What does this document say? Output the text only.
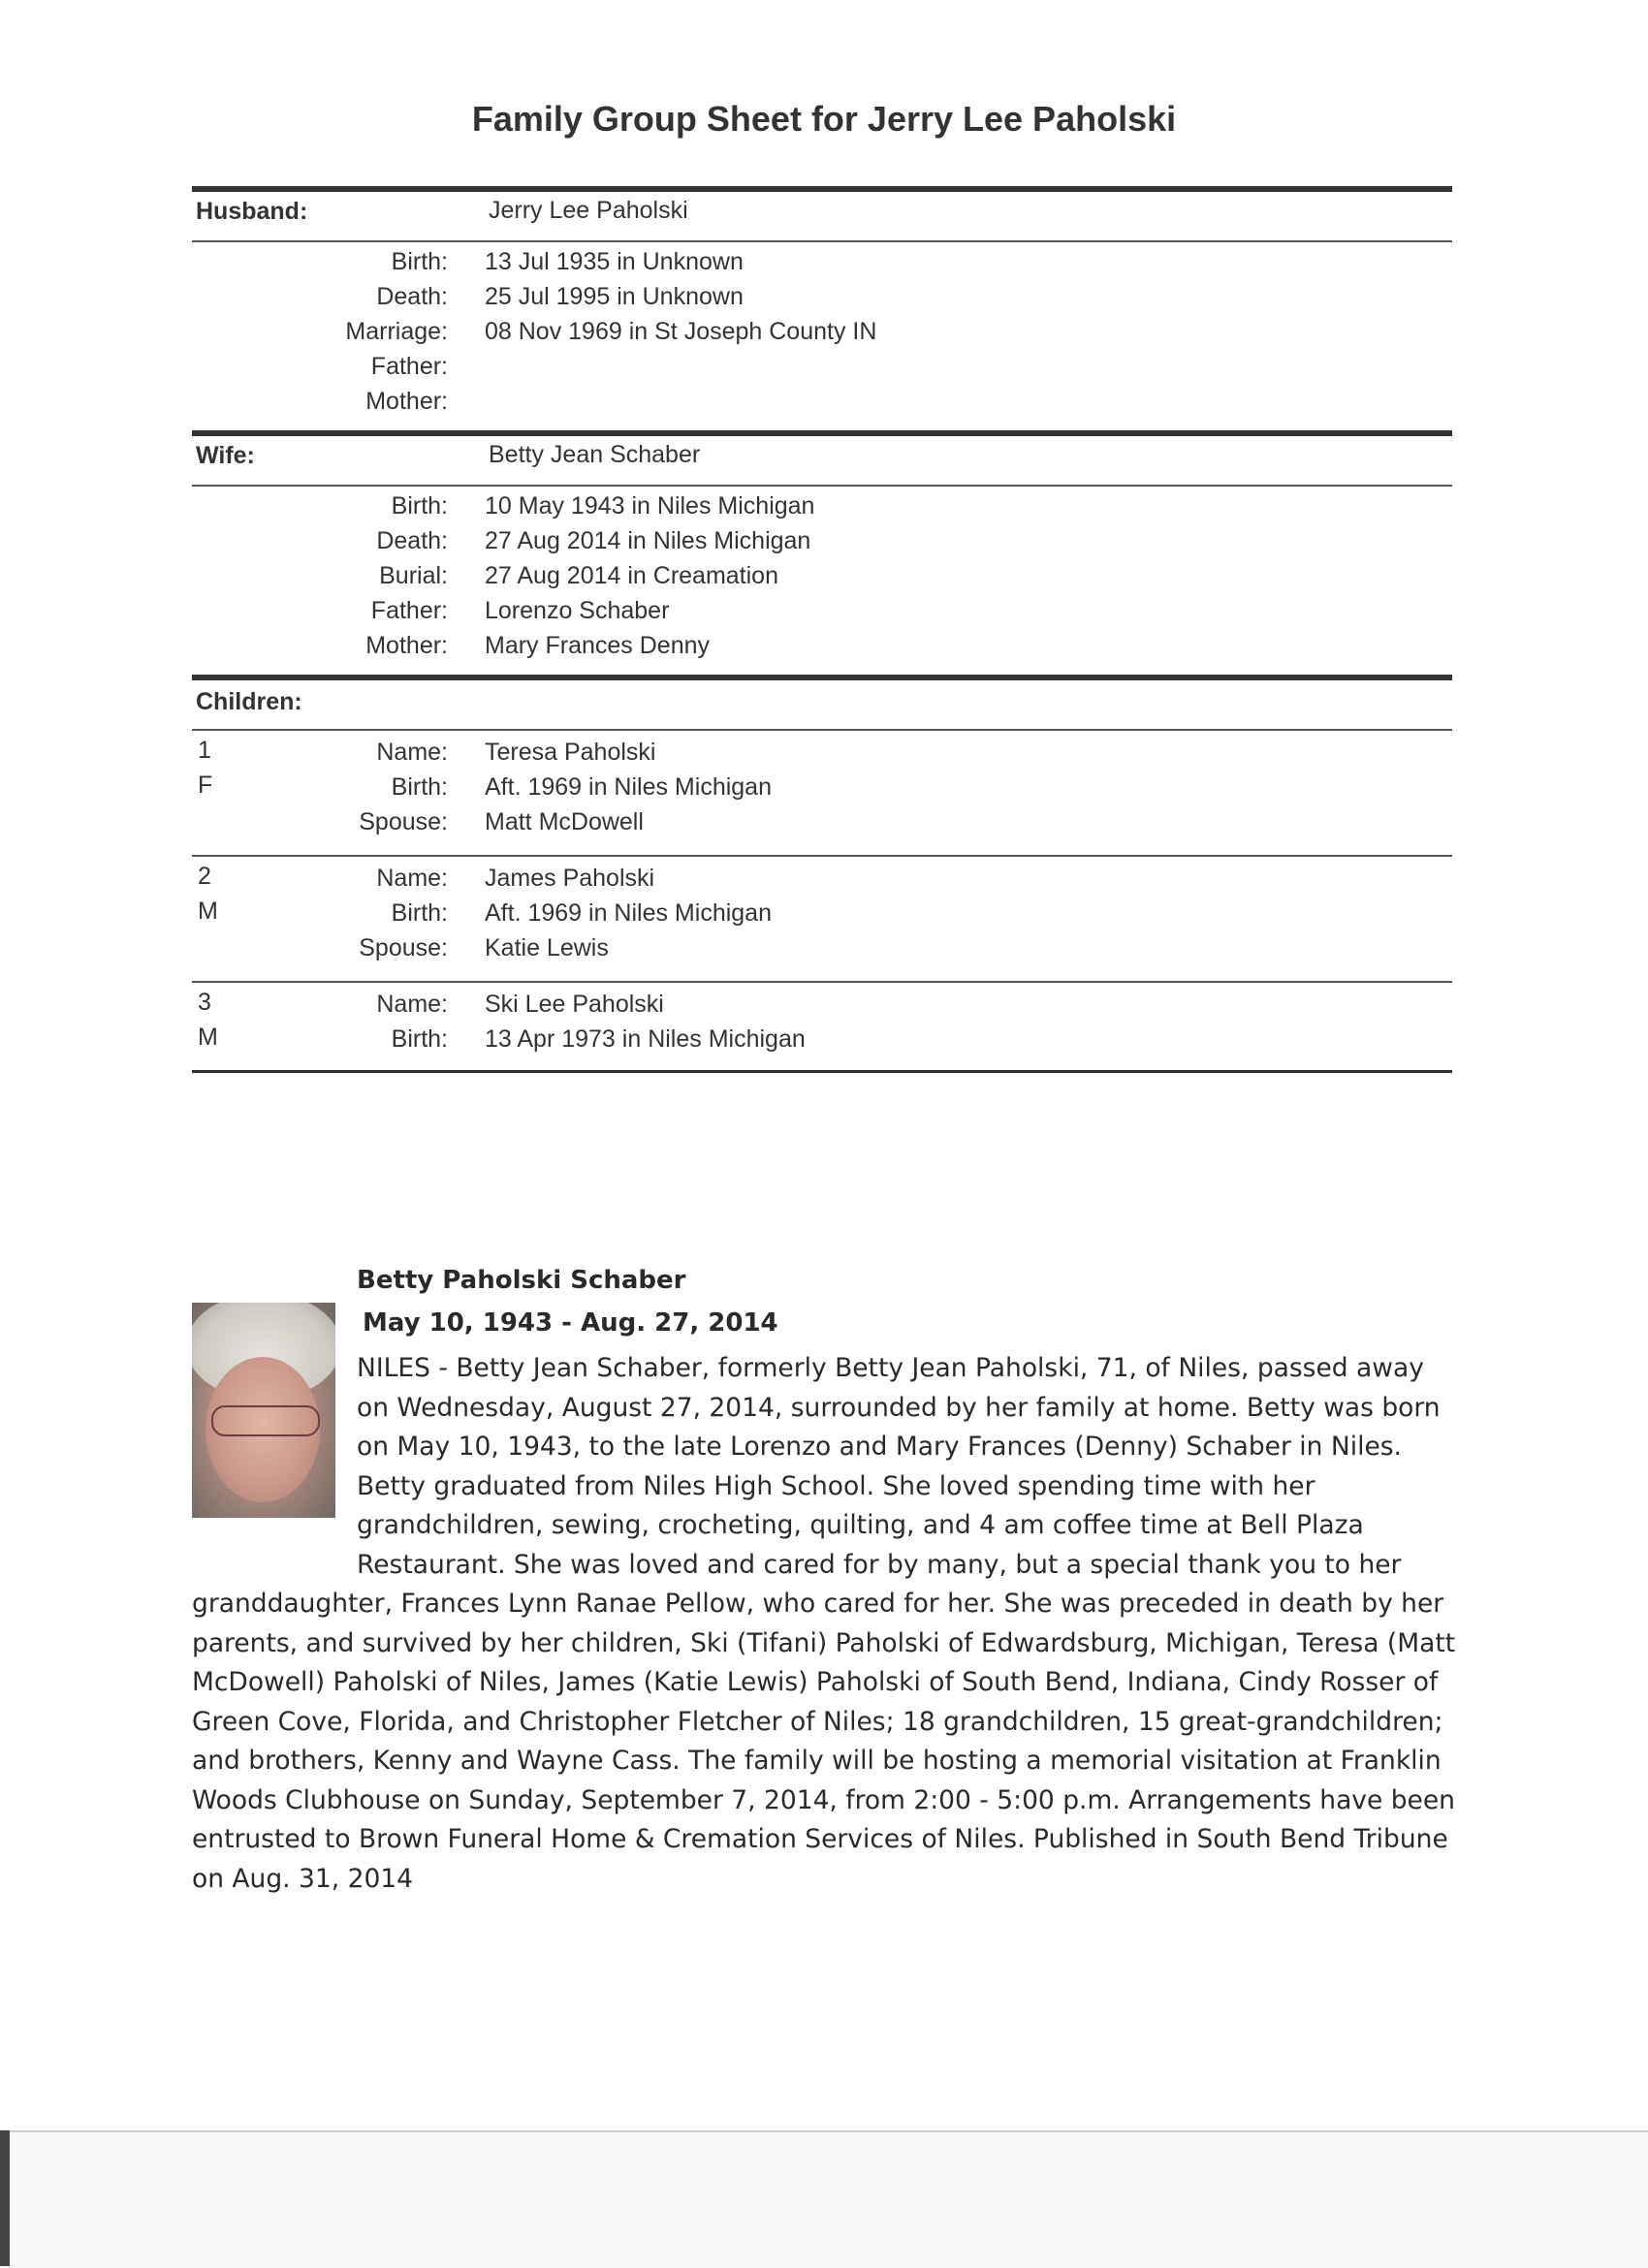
Family Group Sheet for Jerry Lee Paholski
Husband:	Jerry Lee Paholski
Birth: 13 Jul 1935 in Unknown
Death: 25 Jul 1995 in Unknown
Marriage: 08 Nov 1969 in St Joseph County IN
Father:
Mother:
Wife:	Betty Jean Schaber
Birth: 10 May 1943 in Niles Michigan
Death: 27 Aug 2014 in Niles Michigan
Burial: 27 Aug 2014 in Creamation
Father: Lorenzo Schaber
Mother: Mary Frances Denny
Children:
1
F
Name: Teresa Paholski
Birth: Aft. 1969 in Niles Michigan
Spouse: Matt McDowell
2
M
Name: James Paholski
Birth: Aft. 1969 in Niles Michigan
Spouse: Katie Lewis
3
M
Name: Ski Lee Paholski
Birth: 13 Apr 1973 in Niles Michigan
Betty Paholski Schaber
May 10, 1943 - Aug. 27, 2014
NILES - Betty Jean Schaber, formerly Betty Jean Paholski, 71, of Niles, passed away on Wednesday, August 27, 2014, surrounded by her family at home. Betty was born on May 10, 1943, to the late Lorenzo and Mary Frances (Denny) Schaber in Niles. Betty graduated from Niles High School. She loved spending time with her grandchildren, sewing, crocheting, quilting, and 4 am coffee time at Bell Plaza Restaurant. She was loved and cared for by many, but a special thank you to her granddaughter, Frances Lynn Ranae Pellow, who cared for her. She was preceded in death by her parents, and survived by her children, Ski (Tifani) Paholski of Edwardsburg, Michigan, Teresa (Matt McDowell) Paholski of Niles, James (Katie Lewis) Paholski of South Bend, Indiana, Cindy Rosser of Green Cove, Florida, and Christopher Fletcher of Niles; 18 grandchildren, 15 great-grandchildren; and brothers, Kenny and Wayne Cass. The family will be hosting a memorial visitation at Franklin Woods Clubhouse on Sunday, September 7, 2014, from 2:00 - 5:00 p.m. Arrangements have been entrusted to Brown Funeral Home & Cremation Services of Niles. Published in South Bend Tribune on Aug. 31, 2014
